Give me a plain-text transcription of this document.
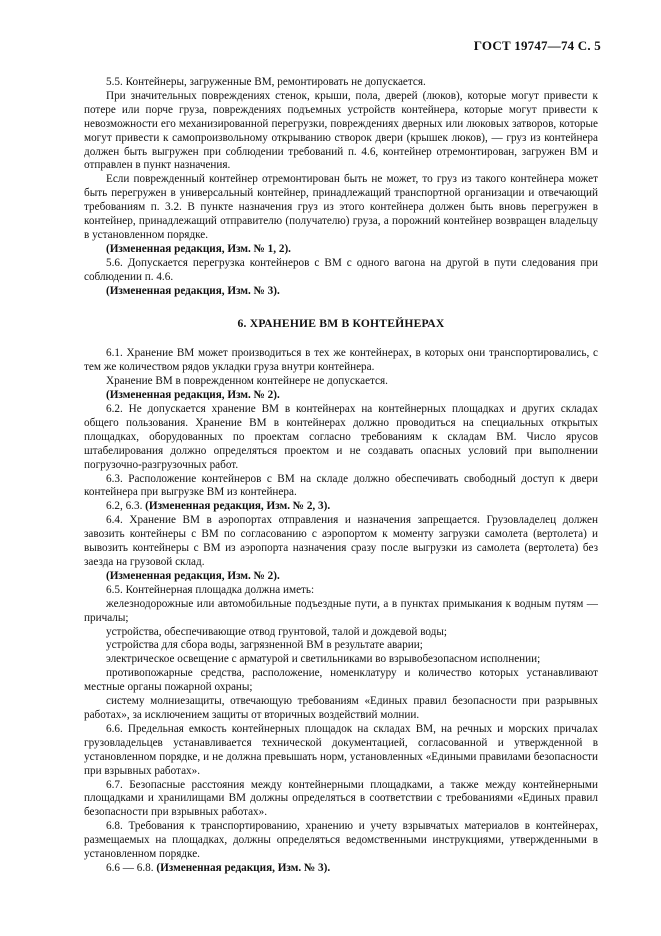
ГОСТ 19747—74 С. 5

5.5. Контейнеры, загруженные ВМ, ремонтировать не допускается.

При значительных повреждениях стенок, крыши, пола, дверей (люков), которые могут привести к потере или порче груза, повреждениях подъемных устройств контейнера, которые могут привести к невозможности его механизированной перегрузки, повреждениях дверных или люковых затворов, которые могут привести к самопроизвольному открыванию створок двери (крышек люков), — груз из контейнера должен быть выгружен при соблюдении требований п. 4.6, контейнер отремонтирован, загружен ВМ и отправлен в пункт назначения.

Если поврежденный контейнер отремонтирован быть не может, то груз из такого контейнера может быть перегружен в универсальный контейнер, принадлежащий транспортной организации и отвечающий требованиям п. 3.2. В пункте назначения груз из этого контейнера должен быть вновь перегружен в контейнер, принадлежащий отправителю (получателю) груза, а порожний контейнер возвращен владельцу в установленном порядке.

(Измененная редакция, Изм. № 1, 2).

5.6. Допускается перегрузка контейнеров с ВМ с одного вагона на другой в пути следования при соблюдении п. 4.6.

(Измененная редакция, Изм. № 3).

6. ХРАНЕНИЕ ВМ В КОНТЕЙНЕРАХ

6.1. Хранение ВМ может производиться в тех же контейнерах, в которых они транспортировались, с тем же количеством рядов укладки груза внутри контейнера.

Хранение ВМ в поврежденном контейнере не допускается.

(Измененная редакция, Изм. № 2).

6.2. Не допускается хранение ВМ в контейнерах на контейнерных площадках и других складах общего пользования. Хранение ВМ в контейнерах должно проводиться на специальных открытых площадках, оборудованных по проектам согласно требованиям к складам ВМ. Число ярусов штабелирования должно определяться проектом и не создавать опасных условий при выполнении погрузочно-разгрузочных работ.

6.3. Расположение контейнеров с ВМ на складе должно обеспечивать свободный доступ к двери контейнера при выгрузке ВМ из контейнера.

6.2, 6.3. (Измененная редакция, Изм. № 2, 3).

6.4. Хранение ВМ в аэропортах отправления и назначения запрещается. Грузовладелец должен завозить контейнеры с ВМ по согласованию с аэропортом к моменту загрузки самолета (вертолета) и вывозить контейнеры с ВМ из аэропорта назначения сразу после выгрузки из самолета (вертолета) без заезда на грузовой склад.

(Измененная редакция, Изм. № 2).

6.5. Контейнерная площадка должна иметь:

железнодорожные или автомобильные подъездные пути, а в пунктах примыкания к водным путям — причалы;

устройства, обеспечивающие отвод грунтовой, талой и дождевой воды;

устройства для сбора воды, загрязненной ВМ в результате аварии;

электрическое освещение с арматурой и светильниками во взрывобезопасном исполнении;

противопожарные средства, расположение, номенклатуру и количество которых устанавливают местные органы пожарной охраны;

систему молниезащиты, отвечающую требованиям «Единых правил безопасности при разрывных работах», за исключением защиты от вторичных воздействий молнии.

6.6. Предельная емкость контейнерных площадок на складах ВМ, на речных и морских причалах грузовладельцев устанавливается технической документацией, согласованной и утвержденной в установленном порядке, и не должна превышать норм, установленных «Едиными правилами безопасности при взрывных работах».

6.7. Безопасные расстояния между контейнерными площадками, а также между контейнерными площадками и хранилищами ВМ должны определяться в соответствии с требованиями «Единых правил безопасности при взрывных работах».

6.8. Требования к транспортированию, хранению и учету взрывчатых материалов в контейнерах, размещаемых на площадках, должны определяться ведомственными инструкциями, утвержденными в установленном порядке.

6.6 — 6.8. (Измененная редакция, Изм. № 3).
